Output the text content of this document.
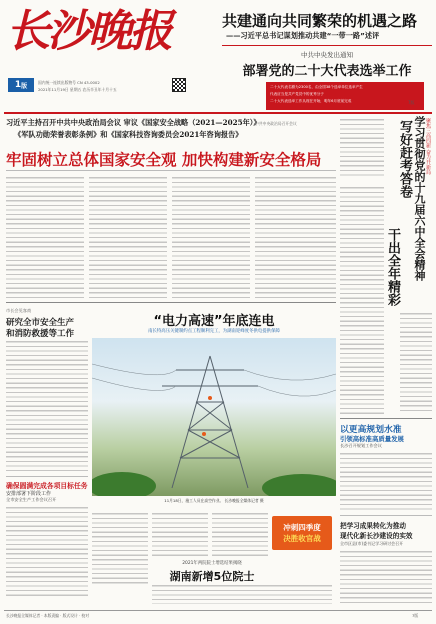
长沙晚报
1 版	国内统一连续出版物号 CN 43-0002
2021年11月19日 星期五 农历辛丑年十月十五
共建通向共同繁荣的机遇之路
——习近平总书记谋划推动共建“一带一路”述评
中共中央发出通知
部署党的二十大代表选举工作
二十大代表名额为2300名，由全国38个选举单位选举产生
代表应当是共产党员中的优秀分子
二十大代表选举工作从现在开始，明年6月底前完成	7版
习近平主持召开中共中央政治局会议 审议《国家安全战略（2021—2025年）》
《军队功勋荣誉表彰条例》和《国家科技咨询委员会2021年咨询报告》
牢固树立总体国家安全观 加快构建新安全格局
中共中央政治局召开会议	聚焦三高四新 奋力开新局
学习贯彻党的十九届六中全会精神
写好赶考答卷
干出全年精彩
市长会见客商
研究全市安全生产
和消防救援等工作
确保圆满完成各项目标任务
安排部署下阶段工作
全市安全生产工作会议召开
“电力高速”年底连电
南长特高压关键制约点工程顺利完工，为湖南迎峰度冬供电提供保障
11月18日，施工人员在高空作业。 长沙晚报全媒体记者 摄
冲刺四季度
决胜收官战
2021年两院院士增选结果揭晓
湖南新增5位院士
以更高规划水准
引领高标准高质量发展
长沙召开规划工作会议
把学习成果转化为推动
现代化新长沙建设的实效
全市区县(市)委书记学习研讨会召开
长沙晚报全媒体记者 · 本版责编 · 版式设计 · 校对	7版
